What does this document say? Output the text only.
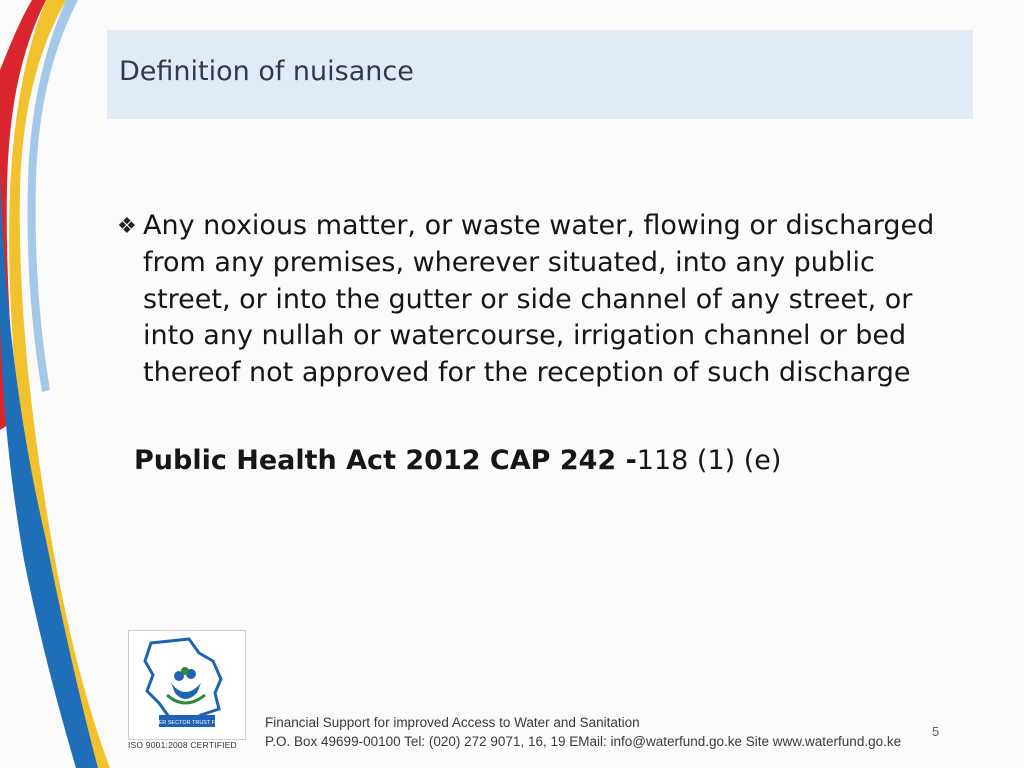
Definition of nuisance
❖ Any noxious matter, or waste water, flowing or discharged from any premises, wherever situated, into any public street, or into the gutter or side channel of any street, or into any nullah or watercourse, irrigation channel or bed thereof not approved for the reception of such discharge

Public Health Act 2012 CAP 242 -118 (1) (e)
WATER SECTOR TRUST FUND
ISO 9001:2008 CERTIFIED
Financial Support for improved Access to Water and Sanitation
P.O. Box 49699-00100 Tel: (020) 272 9071, 16, 19 EMail: info@waterfund.go.ke Site www.waterfund.go.ke
5
